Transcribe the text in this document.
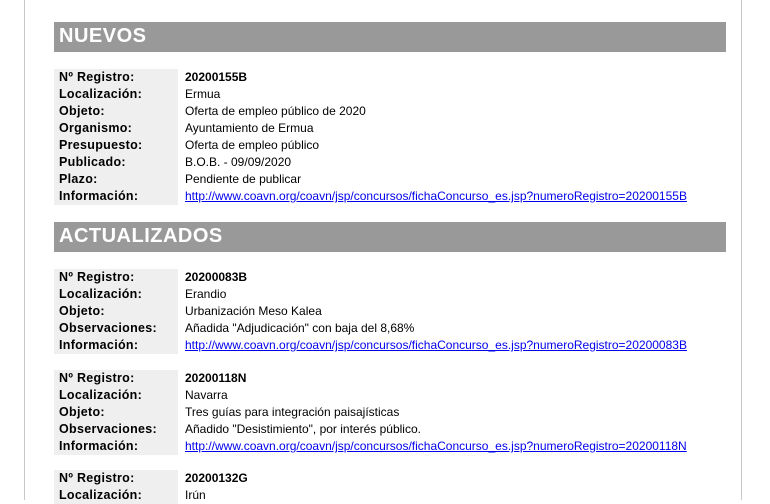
NUEVOS
Nº Registro:	20200155B
Localización:	Ermua
Objeto:	Oferta de empleo público de 2020
Organismo:	Ayuntamiento de Ermua
Presupuesto:	Oferta de empleo público
Publicado:	B.O.B. - 09/09/2020
Plazo:	Pendiente de publicar
Información:	http://www.coavn.org/coavn/jsp/concursos/fichaConcurso_es.jsp?numeroRegistro=20200155B
ACTUALIZADOS
Nº Registro:	20200083B
Localización:	Erandio
Objeto:	Urbanización Meso Kalea
Observaciones:	Añadida "Adjudicación" con baja del 8,68%
Información:	http://www.coavn.org/coavn/jsp/concursos/fichaConcurso_es.jsp?numeroRegistro=20200083B
Nº Registro:	20200118N
Localización:	Navarra
Objeto:	Tres guías para integración paisajísticas
Observaciones:	Añadido "Desistimiento", por interés público.
Información:	http://www.coavn.org/coavn/jsp/concursos/fichaConcurso_es.jsp?numeroRegistro=20200118N
Nº Registro:	20200132G
Localización:	Irún
